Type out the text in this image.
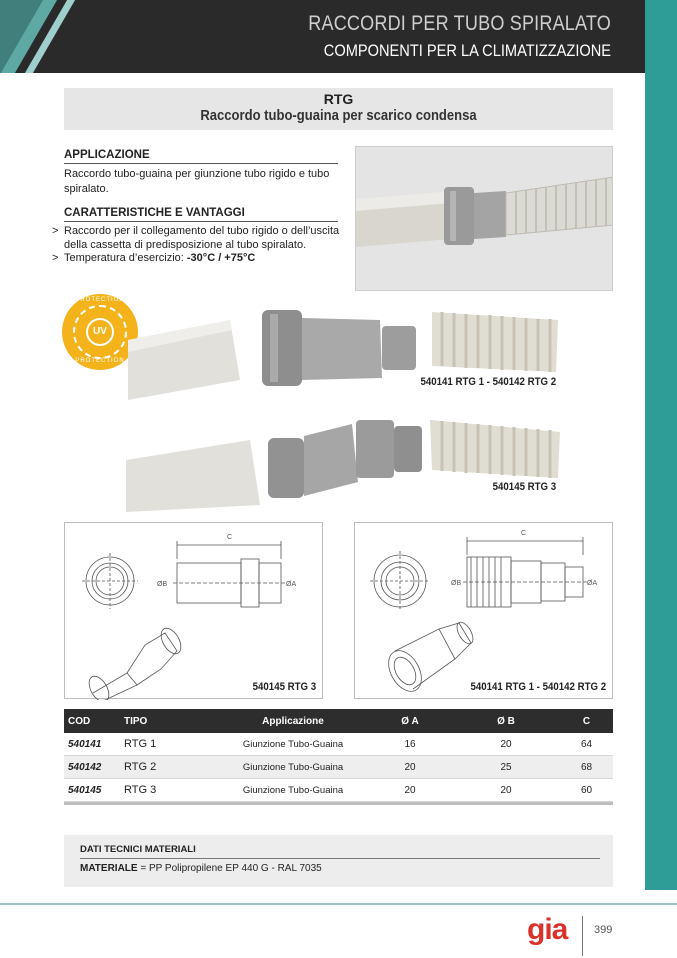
RACCORDI PER TUBO SPIRALATO
COMPONENTI PER LA CLIMATIZZAZIONE
RTG
Raccordo tubo-guaina per scarico condensa
APPLICAZIONE
Raccordo tubo-guaina per giunzione tubo rigido e tubo spiralato.
CARATTERISTICHE E VANTAGGI
> Raccordo per il collegamento del tubo rigido o dell’uscita della cassetta di predisposizione al tubo spiralato.
> Temperatura d’esercizio: -30°C / +75°C
PROTECTION
UV
PROTECTION
540141 RTG 1 - 540142 RTG 2
540145 RTG 3
C
ØB	ØA
540145 RTG 3
C
ØB	ØA
540141 RTG 1 - 540142 RTG 2
COD	TIPO	Applicazione	Ø A	Ø B	C
540141	RTG 1	Giunzione Tubo-Guaina	16	20	64
540142	RTG 2	Giunzione Tubo-Guaina	20	25	68
540145	RTG 3	Giunzione Tubo-Guaina	20	20	60
DATI TECNICI MATERIALI
MATERIALE = PP Polipropilene EP 440 G - RAL 7035
gia 399
